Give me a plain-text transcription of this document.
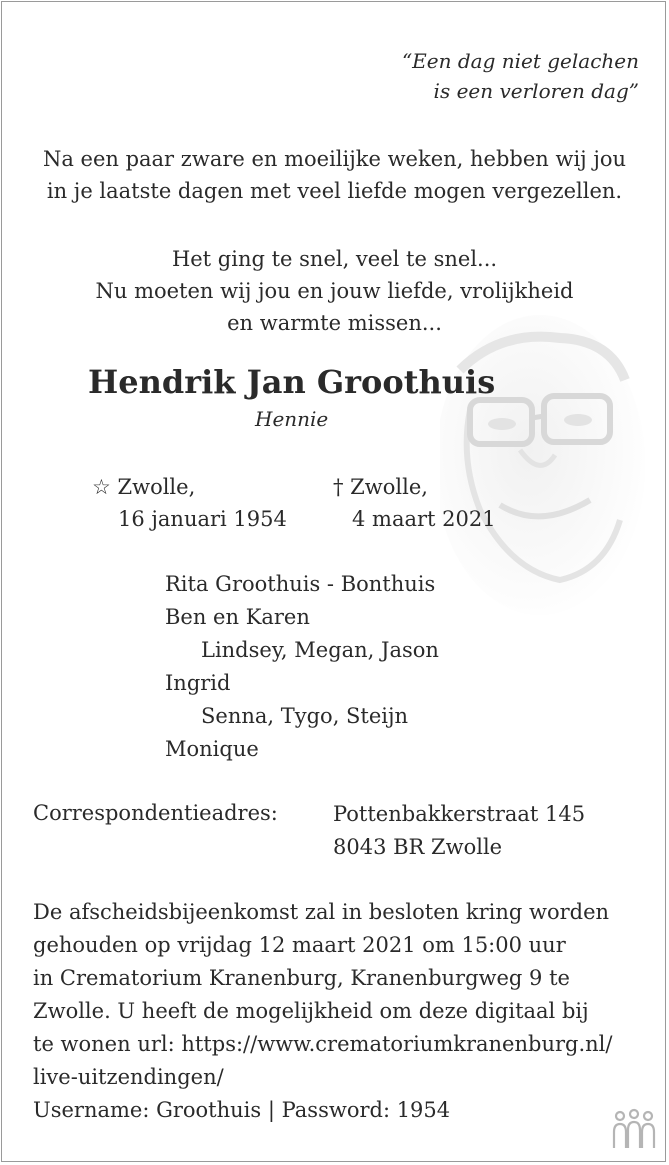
“Een dag niet gelachen
is een verloren dag”
Na een paar zware en moeilijke weken, hebben wij jou
in je laatste dagen met veel liefde mogen vergezellen.
Het ging te snel, veel te snel...
Nu moeten wij jou en jouw liefde, vrolijkheid
en warmte missen...
Hendrik Jan Groothuis
Hennie
☆ Zwolle,
16 januari 1954
† Zwolle,
4 maart 2021
Rita Groothuis - Bonthuis
Ben en Karen
Lindsey, Megan, Jason
Ingrid
Senna, Tygo, Steijn
Monique
Correspondentieadres:	Pottenbakkerstraat 145
8043 BR Zwolle
De afscheidsbijeenkomst zal in besloten kring worden
gehouden op vrijdag 12 maart 2021 om 15:00 uur
in Crematorium Kranenburg, Kranenburgweg 9 te
Zwolle. U heeft de mogelijkheid om deze digitaal bij
te wonen url: https://www.crematoriumkranenburg.nl/
live-uitzendingen/
Username: Groothuis | Password: 1954
